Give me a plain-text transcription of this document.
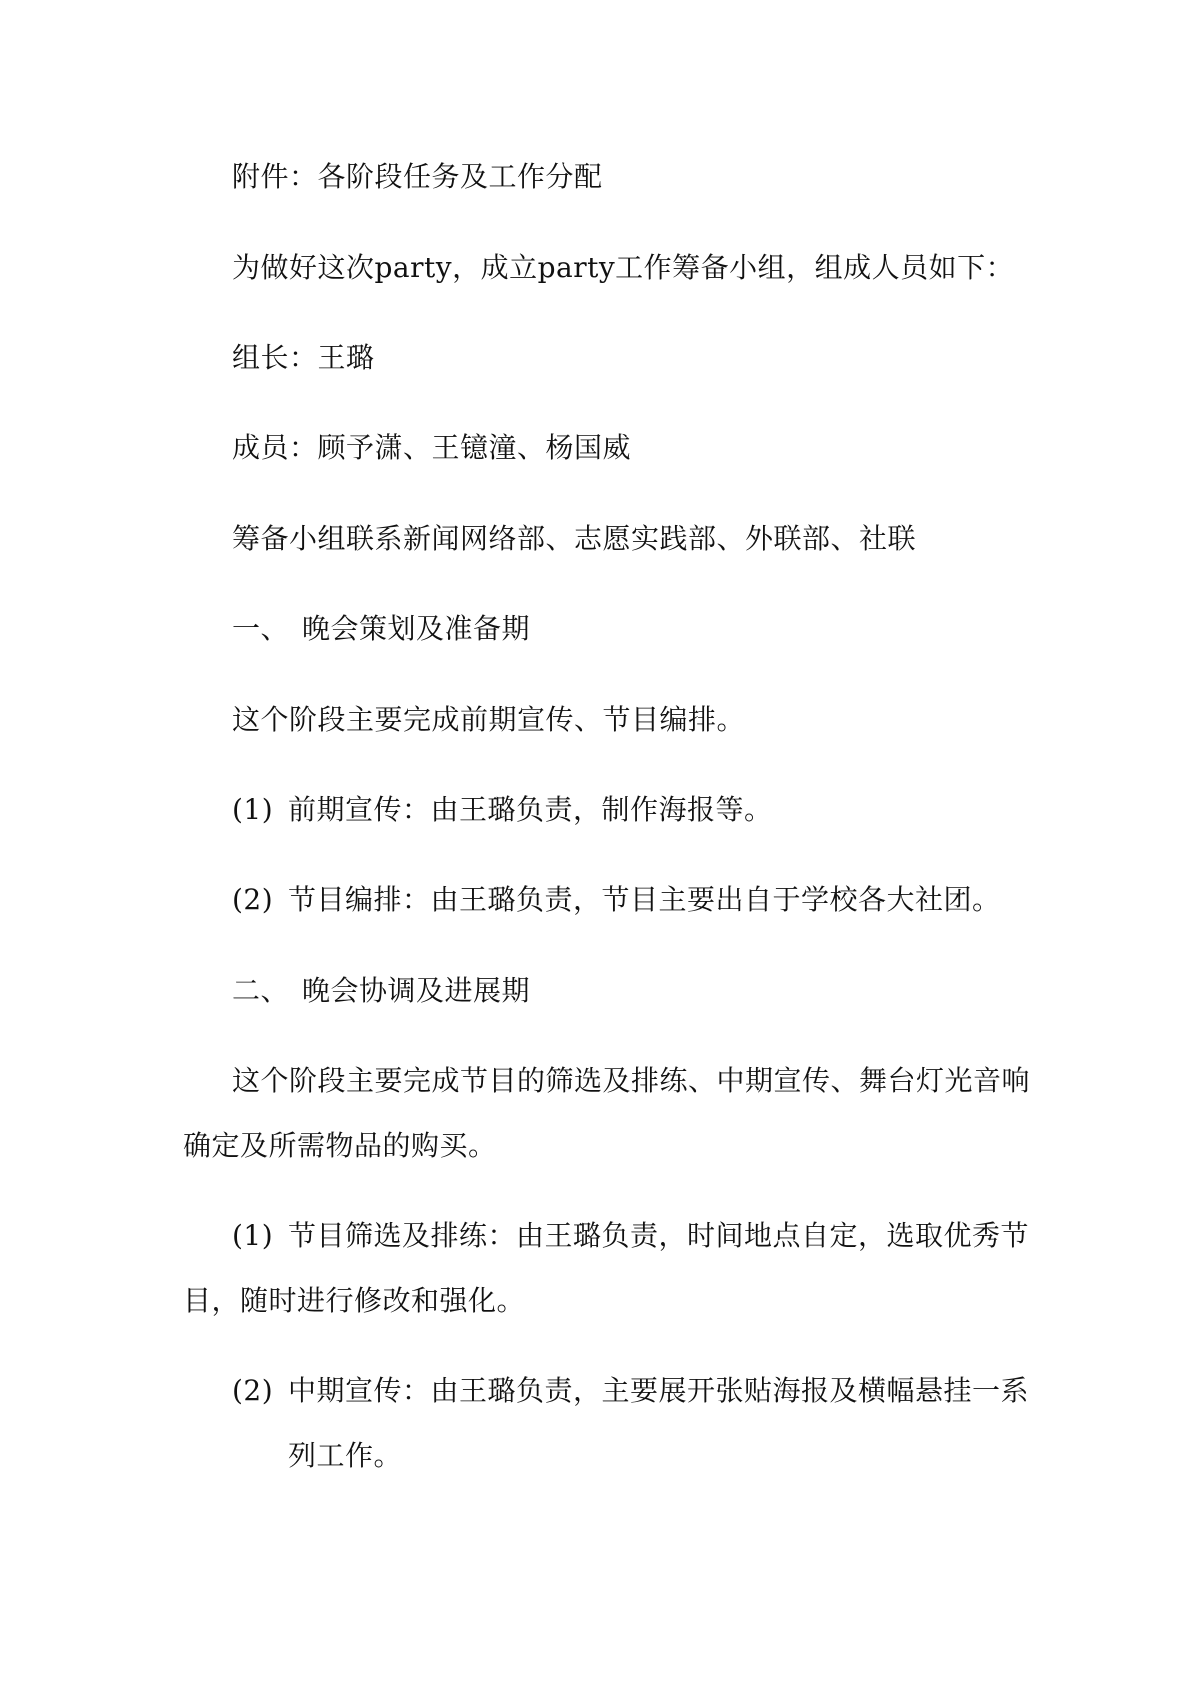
附件：各阶段任务及工作分配
为做好这次party，成立party工作筹备小组，组成人员如下：
组长：王璐
成员：顾予潇、王镱潼、杨国威
筹备小组联系新闻网络部、志愿实践部、外联部、社联
一、 晚会策划及准备期
这个阶段主要完成前期宣传、节目编排。
(1) 前期宣传：由王璐负责，制作海报等。
(2) 节目编排：由王璐负责，节目主要出自于学校各大社团。
二、 晚会协调及进展期
这个阶段主要完成节目的筛选及排练、中期宣传、舞台灯光音响
确定及所需物品的购买。
(1) 节目筛选及排练：由王璐负责，时间地点自定，选取优秀节
目，随时进行修改和强化。
(2) 中期宣传：由王璐负责，主要展开张贴海报及横幅悬挂一系
列工作。
